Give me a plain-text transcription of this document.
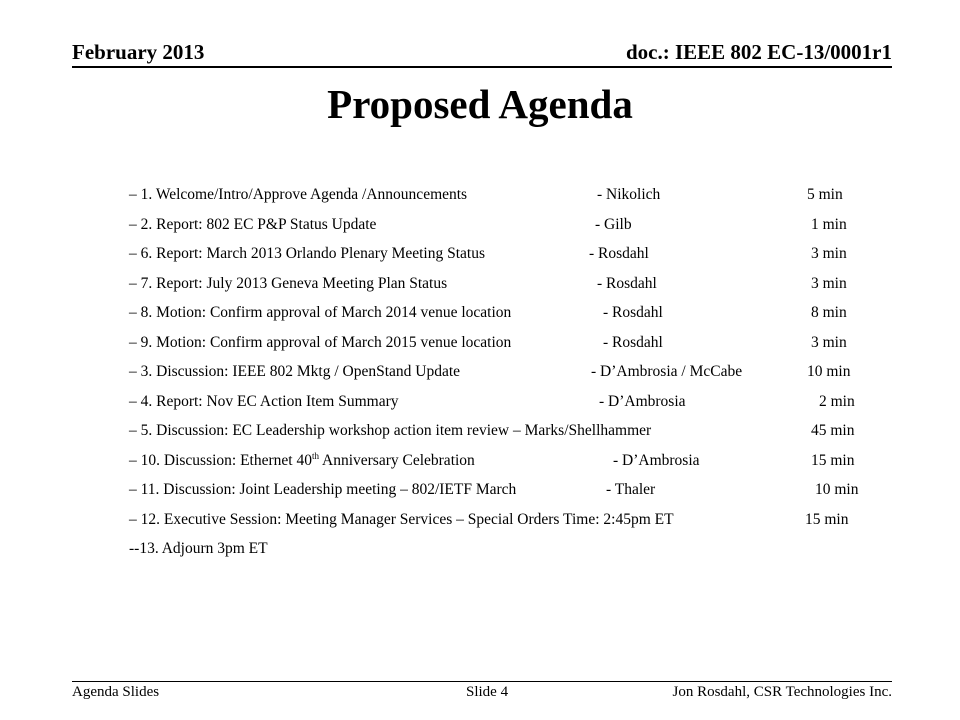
February 2013	doc.: IEEE 802 EC-13/0001r1
Proposed Agenda
– 1. Welcome/Intro/Approve Agenda /Announcements	- Nikolich	5 min
– 2. Report: 802 EC P&P Status Update	- Gilb	1 min
– 6. Report: March 2013 Orlando Plenary Meeting Status	- Rosdahl	3 min
– 7. Report: July 2013 Geneva Meeting Plan Status	- Rosdahl	3 min
– 8. Motion: Confirm approval of March 2014 venue location	- Rosdahl	8 min
– 9. Motion: Confirm approval of March 2015 venue location	- Rosdahl	3 min
– 3. Discussion: IEEE 802 Mktg / OpenStand Update	- D’Ambrosia / McCabe	10 min
– 4. Report: Nov EC Action Item Summary	- D’Ambrosia	2 min
– 5. Discussion: EC Leadership workshop action item review – Marks/Shellhammer	45 min
– 10. Discussion: Ethernet 40th Anniversary Celebration	- D’Ambrosia	15 min
– 11. Discussion: Joint Leadership meeting – 802/IETF March	- Thaler	10 min
– 12. Executive Session: Meeting Manager Services – Special Orders Time: 2:45pm ET	15 min
--13. Adjourn 3pm ET
Agenda Slides	Slide 4	Jon Rosdahl, CSR Technologies Inc.
